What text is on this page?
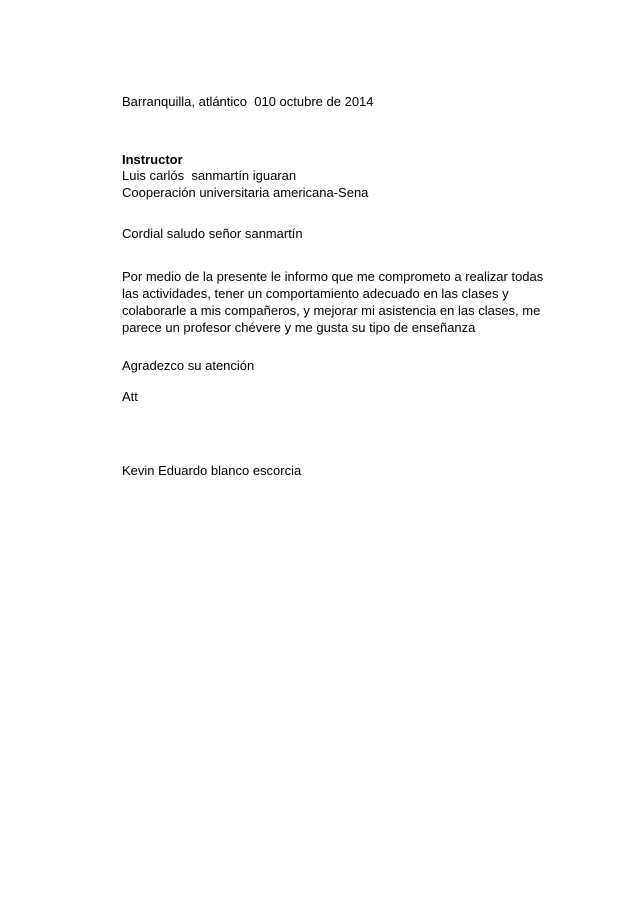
Barranquilla, atlántico  010 octubre de 2014
Instructor
Luis carlós  sanmartín iguaran
Cooperación universitaria americana-Sena
Cordial saludo señor sanmartín
Por medio de la presente le informo que me comprometo a realizar todas
las actividades, tener un comportamiento adecuado en las clases y
colaborarle a mis compañeros, y mejorar mi asistencia en las clases, me
parece un profesor chévere y me gusta su tipo de enseñanza
Agradezco su atención
Att
Kevin Eduardo blanco escorcia
